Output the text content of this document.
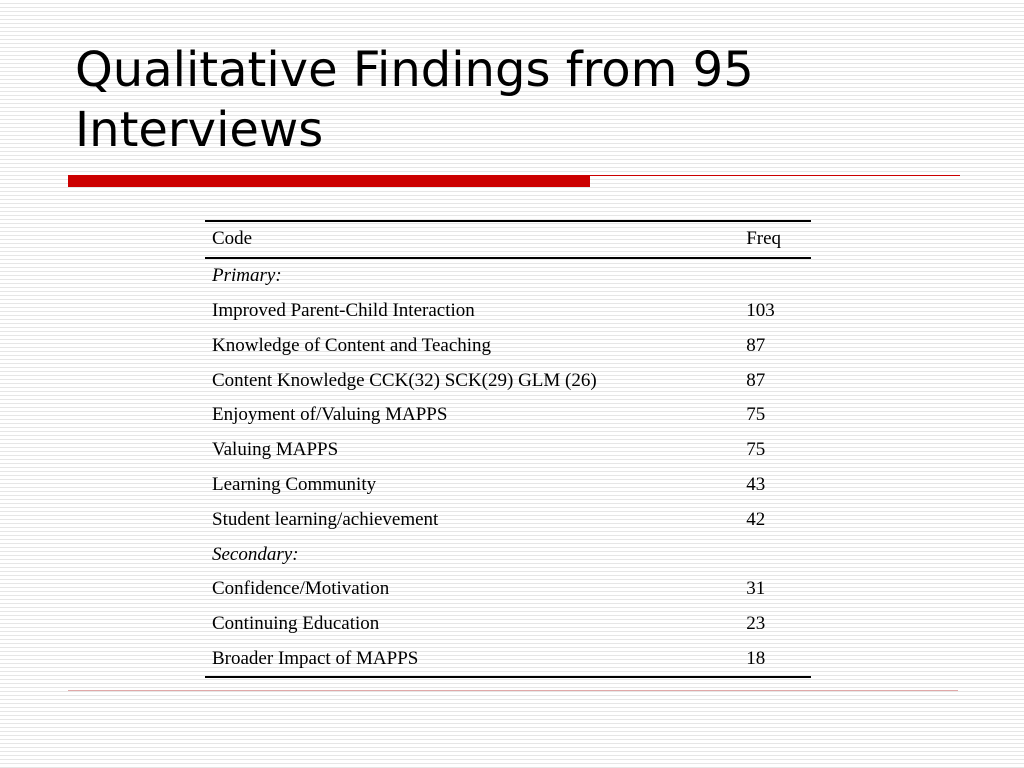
Qualitative Findings from 95
Interviews
Code	Freq
Primary:	
Improved Parent-Child Interaction	103
Knowledge of Content and Teaching	87
Content Knowledge CCK(32) SCK(29) GLM (26)	87
Enjoyment of/Valuing MAPPS	75
Valuing MAPPS	75
Learning Community	43
Student learning/achievement	42
Secondary:	
Confidence/Motivation	31
Continuing Education	23
Broader Impact of MAPPS	18
